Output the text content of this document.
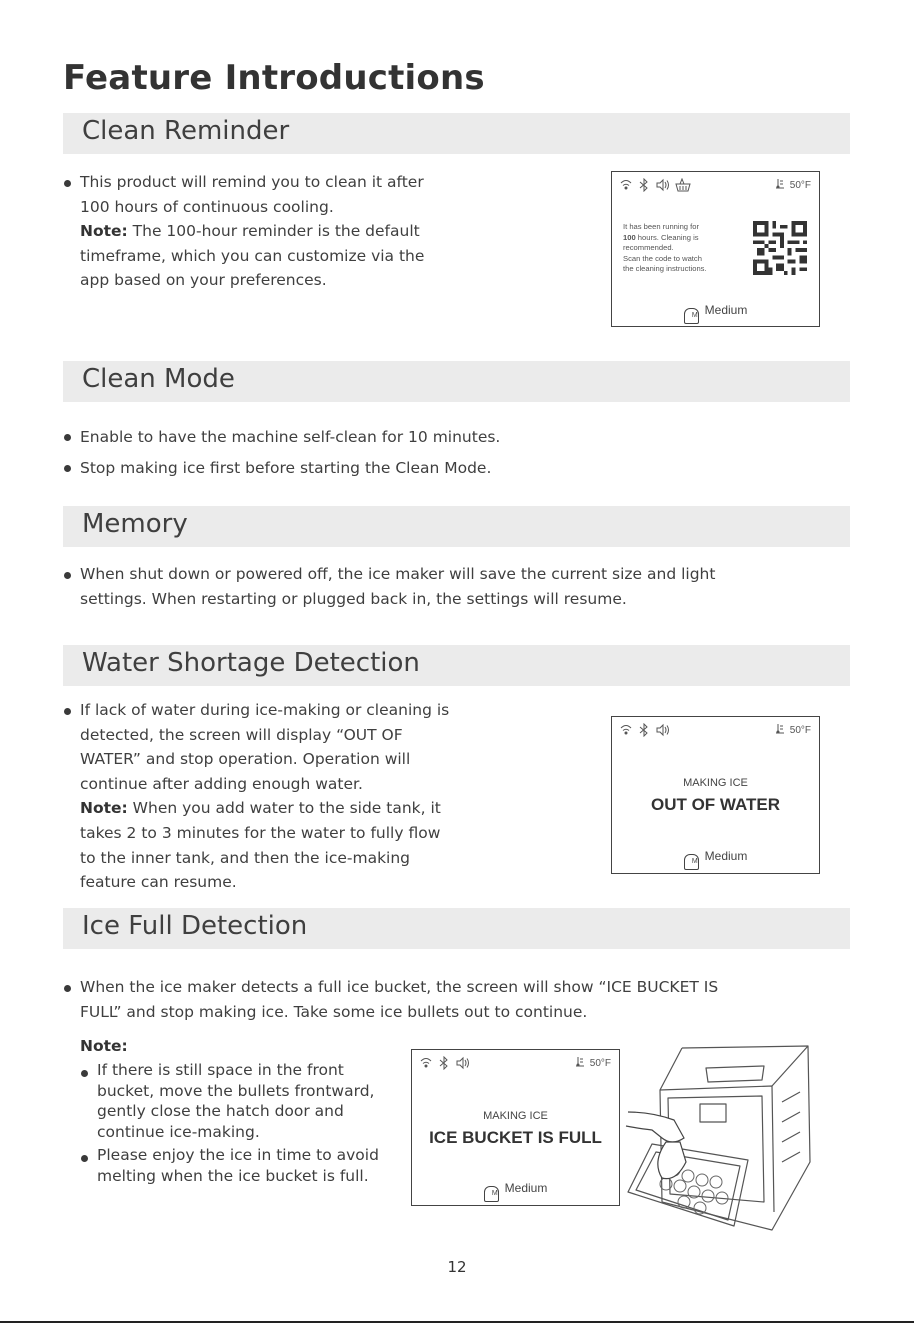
Feature Introductions
Clean Reminder

This product will remind you to clean it after

100 hours of continuous cooling.

Note: The 100-hour reminder is the default

timeframe, which you can customize via the

app based on your preferences.

50°F
It has been running for
100 hours. Cleaning is
recommended.
Scan the code to watch
the cleaning instructions.
M Medium
Clean Mode
Enable to have the machine self-clean for 10 minutes.
Stop making ice first before starting the Clean Mode.
Memory

When shut down or powered off, the ice maker will save the current size and light

settings. When restarting or plugged back in, the settings will resume.

Water Shortage Detection

If lack of water during ice-making or cleaning is

detected, the screen will display “OUT OF

WATER” and stop operation. Operation will

continue after adding enough water.

Note: When you add water to the side tank, it

takes 2 to 3 minutes for the water to fully flow

to the inner tank, and then the ice-making

feature can resume.

50°F
MAKING ICE
OUT OF WATER
M Medium
Ice Full Detection

When the ice maker detects a full ice bucket, the screen will show “ICE BUCKET IS

FULL” and stop making ice. Take some ice bullets out to continue.

Note:

If there is still space in the front

bucket, move the bullets frontward,

gently close the hatch door and

continue ice-making.

Please enjoy the ice in time to avoid

melting when the ice bucket is full.

50°F
MAKING ICE
ICE BUCKET IS FULL
M Medium
12
